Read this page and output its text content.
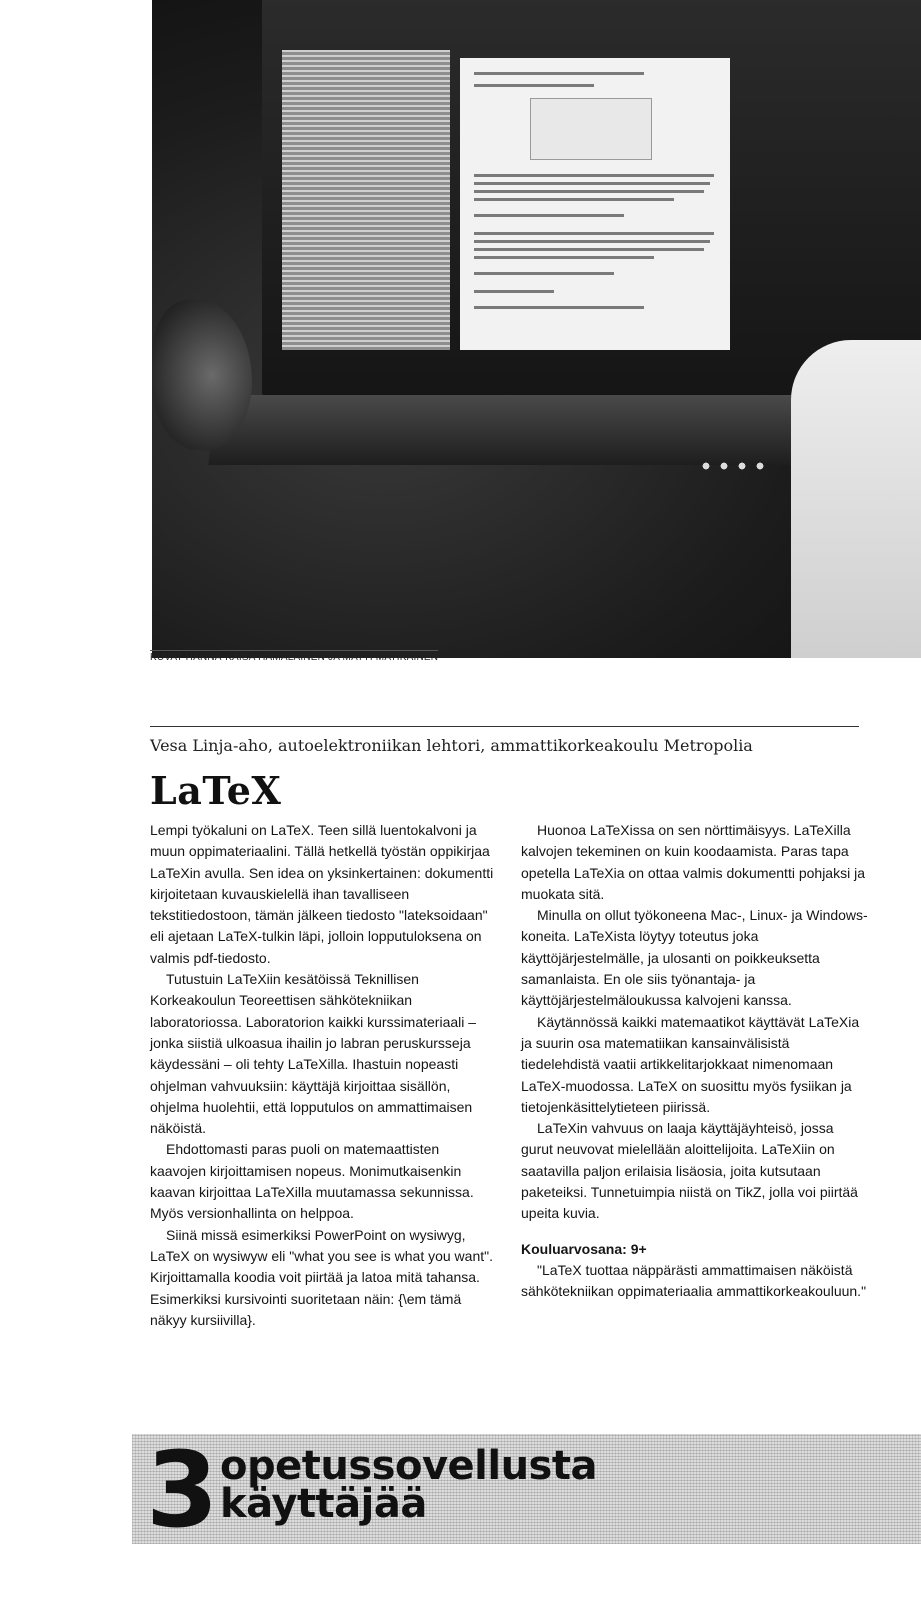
KUVAT HANNA-KAISA HÄMÄLÄINEN JA MATTI MATIKAINEN
Vesa Linja-aho, autoelektroniikan lehtori, ammattikorkeakoulu Metropolia
LaTeX

Lempi työkaluni on LaTeX. Teen sillä luentokalvoni ja muun oppimateriaalini. Tällä hetkellä työstän oppikirjaa LaTeXin avulla. Sen idea on yksinkertainen: dokumentti kirjoitetaan kuvauskielellä ihan tavalliseen tekstitiedostoon, tämän jälkeen tiedosto "lateksoidaan" eli ajetaan LaTeX-tulkin läpi, jolloin lopputuloksena on valmis pdf-tiedosto.

Tutustuin LaTeXiin kesätöissä Teknillisen Korkeakoulun Teoreettisen sähkötekniikan laboratoriossa. Laboratorion kaikki kurssimateriaali – jonka siistiä ulkoasua ihailin jo labran peruskursseja käydessäni – oli tehty LaTeXilla. Ihastuin nopeasti ohjelman vahvuuksiin: käyttäjä kirjoittaa sisällön, ohjelma huolehtii, että lopputulos on ammattimaisen näköistä.

Ehdottomasti paras puoli on matemaattisten kaavojen kirjoittamisen nopeus. Monimutkaisenkin kaavan kirjoittaa LaTeXilla muutamassa sekunnissa. Myös versionhallinta on helppoa.

Siinä missä esimerkiksi PowerPoint on wysiwyg, LaTeX on wysiwyw eli "what you see is what you want". Kirjoittamalla koodia voit piirtää ja latoa mitä tahansa. Esimerkiksi kursivointi suoritetaan näin: {\em tämä näkyy kursiivilla}.

Huonoa LaTeXissa on sen nörttimäisyys. LaTeXilla kalvojen tekeminen on kuin koodaamista. Paras tapa opetella LaTeXia on ottaa valmis dokumentti pohjaksi ja muokata sitä.

Minulla on ollut työkoneena Mac-, Linux- ja Windows-koneita. LaTeXista löytyy toteutus joka käyttöjärjestelmälle, ja ulosanti on poikkeuksetta samanlaista. En ole siis työnantaja- ja käyttöjärjestelmäloukussa kalvojeni kanssa.

Käytännössä kaikki matemaatikot käyttävät LaTeXia ja suurin osa matematiikan kansainvälisistä tiedelehdistä vaatii artikkelitarjokkaat nimenomaan LaTeX-muodossa. LaTeX on suosittu myös fysiikan ja tietojenkäsittelytieteen piirissä.

LaTeXin vahvuus on laaja käyttäjäyhteisö, jossa gurut neuvovat mielellään aloittelijoita. LaTeXiin on saatavilla paljon erilaisia lisäosia, joita kutsutaan paketeiksi. Tunnetuimpia niistä on TikZ, jolla voi piirtää upeita kuvia.

Kouluarvosana: 9+

"LaTeX tuottaa näppärästi ammattimaisen näköistä sähkötekniikan oppimateriaalia ammattikorkeakouluun."

3 opetussovellusta
käyttäjää
